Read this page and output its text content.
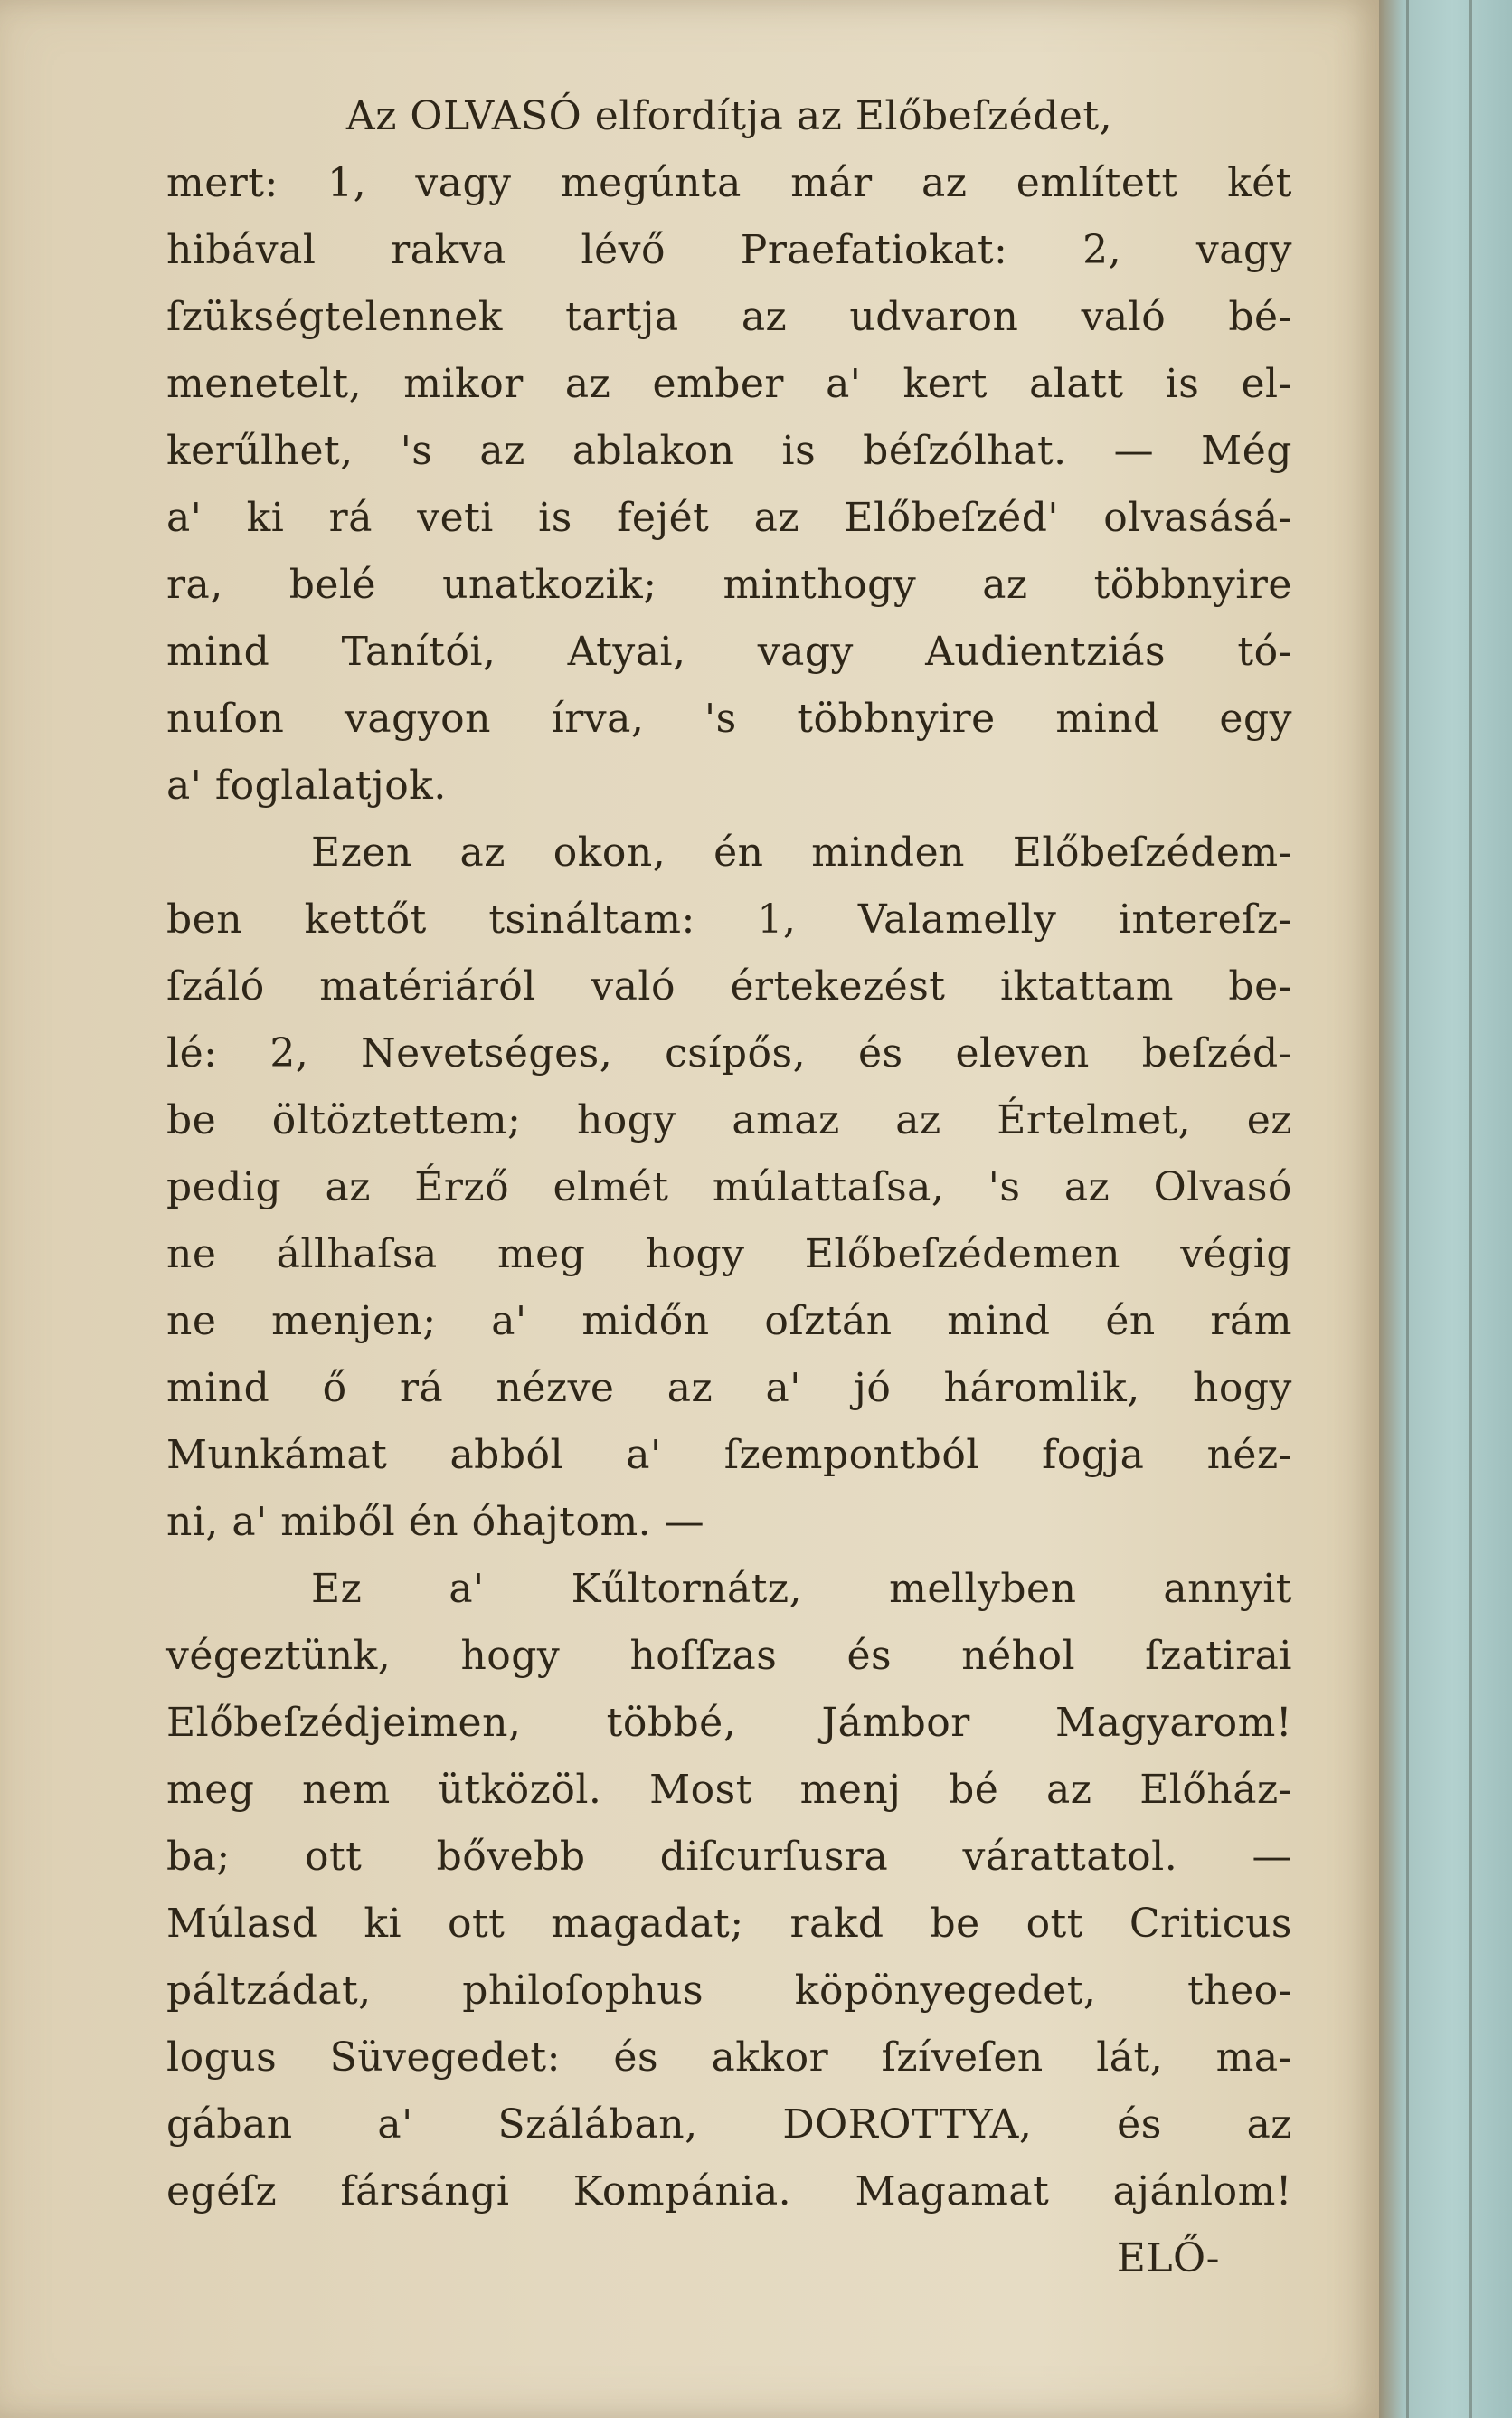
Az OLVASÓ elfordítja az Előbeſzédet,
mert: 1, vagy megúnta már az említett két
hibával rakva lévő Praefatiokat: 2, vagy
ſzükségtelennek tartja az udvaron való bé-
menetelt, mikor az ember a' kert alatt is el-
kerűlhet, 's az ablakon is béſzólhat. — Még
a' ki rá veti is fejét az Előbeſzéd' olvasásá-
ra, belé unatkozik; minthogy az többnyire
mind Tanítói, Atyai, vagy Audientziás tó-
nuſon vagyon írva, 's többnyire mind egy
a' foglalatjok.
Ezen az okon, én minden Előbeſzédem-
ben kettőt tsináltam: 1, Valamelly intereſz-
ſzáló matériáról való értekezést iktattam be-
lé: 2, Nevetséges, csípős, és eleven beſzéd-
be öltöztettem; hogy amaz az Értelmet, ez
pedig az Érző elmét múlattaſsa, 's az Olvasó
ne állhaſsa meg hogy Előbeſzédemen végig
ne menjen; a' midőn oſztán mind én rám
mind ő rá nézve az a' jó háromlik, hogy
Munkámat abból a' ſzempontból fogja néz-
ni, a' miből én óhajtom. —
Ez a' Kűltornátz, mellyben annyit
végeztünk, hogy hoſſzas és néhol ſzatirai
Előbeſzédjeimen, többé, Jámbor Magyarom!
meg nem ütközöl. Most menj bé az Előház-
ba; ott bővebb diſcurſusra várattatol. —
Múlasd ki ott magadat; rakd be ott Criticus
páltzádat, philoſophus köpönyegedet, theo-
logus Süvegedet: és akkor ſzíveſen lát, ma-
gában a' Szálában, DOROTTYA, és az
egéſz fársángi Kompánia. Magamat ajánlom!
ELŐ-
